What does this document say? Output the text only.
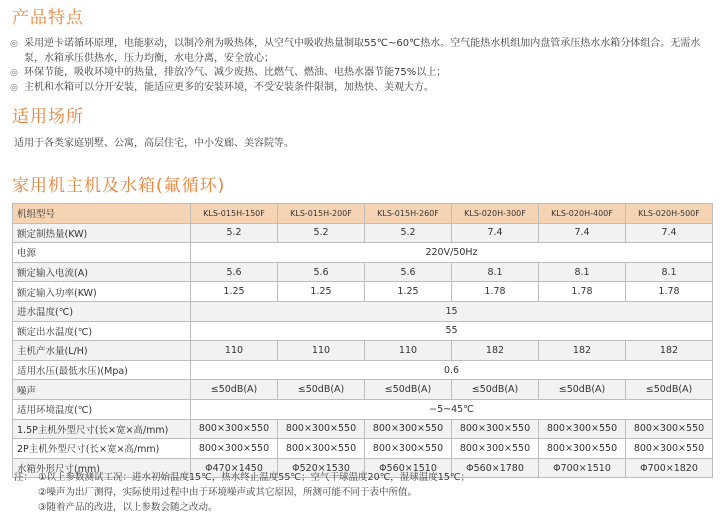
产品特点
◎ 采用逆卡诺循环原理，电能驱动，以制冷剂为吸热体，从空气中吸收热量制取55℃~60℃热水。空气能热水机组加内盘管承压热水水箱分体组合。无需水泵，水箱承压供热水，压力均衡，水电分离，安全放心；
◎ 环保节能，吸收环境中的热量，排放冷气、减少废热、比燃气、燃油、电热水器节能75%以上；
◎ 主机和水箱可以分开安装，能适应更多的安装环境，不受安装条件限制，加热快、美观大方。
适用场所
适用于各类家庭别墅、公寓，高层住宅，中小发廊、美容院等。
家用机主机及水箱(氟循环)
机组型号	KLS-015H-150F	KLS-015H-200F	KLS-015H-260F	KLS-020H-300F	KLS-020H-400F	KLS-020H-500F
额定制热量(KW)	5.2	5.2	5.2	7.4	7.4	7.4
电源	220V/50Hz					
额定输入电流(A)	5.6	5.6	5.6	8.1	8.1	8.1
额定输入功率(KW)	1.25	1.25	1.25	1.78	1.78	1.78
进水温度(℃)	15					
额定出水温度(℃)	55					
主机产水量(L/H)	110	110	110	182	182	182
适用水压(最低水压)(Mpa)	0.6					
噪声	≤50dB(A)	≤50dB(A)	≤50dB(A)	≤50dB(A)	≤50dB(A)	≤50dB(A)
适用环境温度(℃)	−5~45℃					
1.5P主机外型尺寸(长×宽×高/mm)	800×300×550	800×300×550	800×300×550	800×300×550	800×300×550	800×300×550
2P主机外型尺寸(长×宽×高/mm)	800×300×550	800×300×550	800×300×550	800×300×550	800×300×550	800×300×550
水箱外形尺寸(mm)	Φ470×1450	Φ520×1530	Φ560×1510	Φ560×1780	Φ700×1510	Φ700×1820
注： ①以上参数测试工况：进水初始温度15℃，热水终止温度55℃；空气干球温度20℃，湿球温度15℃；
②噪声为出厂测得，实际使用过程中由于环境噪声或其它原因，所测可能不同于表中所值。
③随着产品的改进，以上参数会随之改动。
